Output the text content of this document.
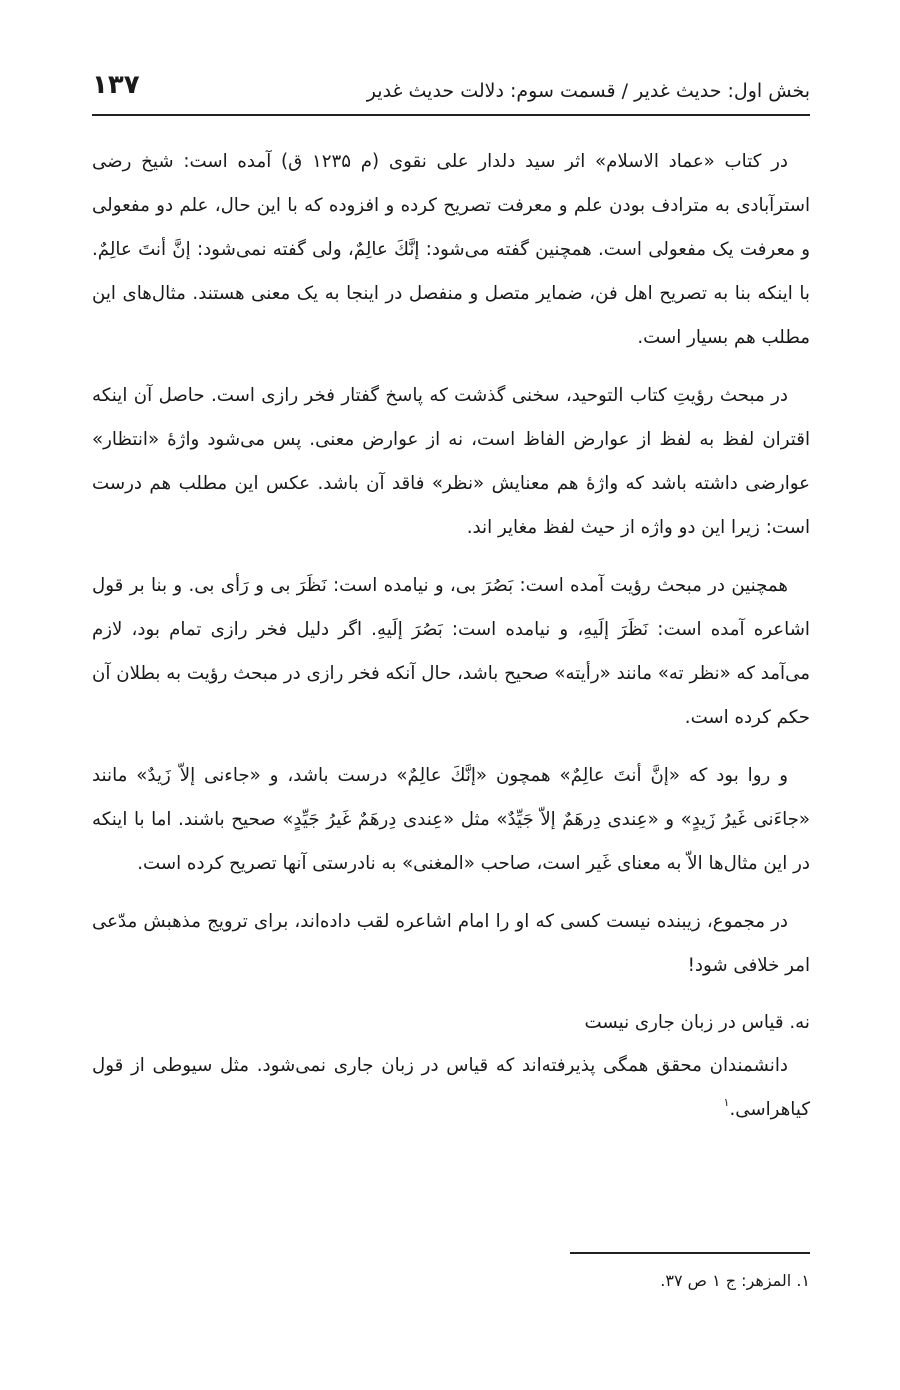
بخش اول: حدیث غدیر / قسمت سوم: دلالت حدیث غدیر
۱۳۷

در کتاب «عماد الاسلام» اثر سید دلدار علی نقوی (م ۱۲۳۵ ق) آمده است: شیخ رضی استرآبادی به مترادف بودن علم و معرفت تصریح کرده و افزوده که با این حال، علم دو مفعولی و معرفت یک مفعولی است. همچنین گفته می‌شود: إنَّكَ عالِمٌ، ولی گفته نمی‌شود: إنَّ أنتَ عالِمٌ. با اینکه بنا به تصریح اهل فن، ضمایر متصل و منفصل در اینجا به یک معنی هستند. مثال‌های این مطلب هم بسیار است.

در مبحث رؤیتِ کتاب التوحید، سخنی گذشت که پاسخ گفتار فخر رازی است. حاصل آن اینکه اقتران لفظ به لفظ از عوارض الفاظ است، نه از عوارض معنی. پس می‌شود واژهٔ «انتظار» عوارضی داشته باشد که واژهٔ هم معنایش «نظر» فاقد آن باشد. عکس این مطلب هم درست است: زیرا این دو واژه از حیث لفظ مغایر اند.

همچنین در مبحث رؤیت آمده است: بَصُرَ بی، و نیامده است: نَظَرَ بی و رَأی بی. و بنا بر قول اشاعره آمده است: نَظَرَ إلَیهِ، و نیامده است: بَصُرَ إلَیهِ. اگر دلیل فخر رازی تمام بود، لازم می‌آمد که «نظر ته» مانند «رأیته» صحیح باشد، حال آنکه فخر رازی در مبحث رؤیت به بطلان آن حکم کرده است.

و روا بود که «إنَّ أنتَ عالِمٌ» همچون «إنَّكَ عالِمٌ» درست باشد، و «جاءنی إلاّ زَیدٌ» مانند «جاءَنی غَیرُ زَیدٍ» و «عِندی دِرهَمٌ إلاّ جَیِّدٌ» مثل «عِندی دِرهَمٌ غَیرُ جَیِّدٍ» صحیح باشند. اما با اینکه در این مثال‌ها الاّ به معنای غَیر است، صاحب «المغنی» به نادرستی آنها تصریح کرده است.

در مجموع، زیبنده نیست کسی که او را امام اشاعره لقب داده‌اند، برای ترویج مذهبش مدّعی امر خلافی شود!

نه. قیاس در زبان جاری نیست

دانشمندان محقق همگی پذیرفته‌اند که قیاس در زبان جاری نمی‌شود. مثل سیوطی از قول کیاهراسی.$^۱$

۱. المزهر: ج ۱ ص ۳۷.
